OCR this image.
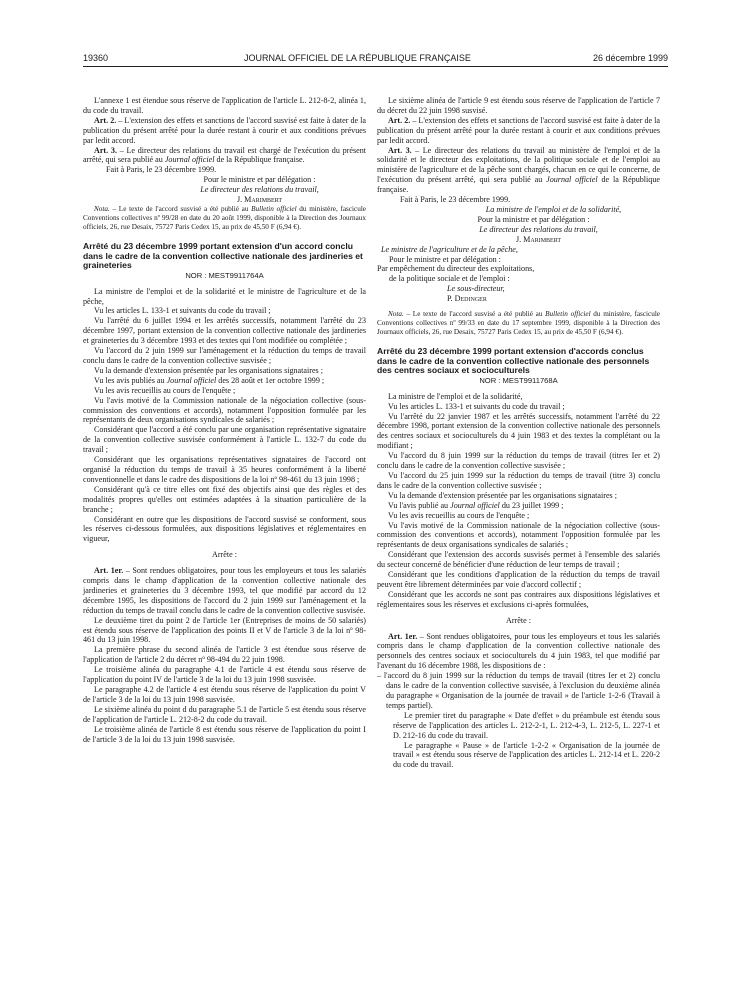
19360	JOURNAL OFFICIEL DE LA RÉPUBLIQUE FRANÇAISE	26 décembre 1999

L'annexe 1 est étendue sous réserve de l'application de l'article L. 212-8-2, alinéa 1, du code du travail.

Art. 2. – L'extension des effets et sanctions de l'accord susvisé est faite à dater de la publication du présent arrêté pour la durée restant à courir et aux conditions prévues par ledit accord.

Art. 3. – Le directeur des relations du travail est chargé de l'exécution du présent arrêté, qui sera publié au Journal officiel de la République française.

Fait à Paris, le 23 décembre 1999.

Pour le ministre et par délégation :

Le directeur des relations du travail,

J. Marimbert

Nota. – Le texte de l'accord susvisé a été publié au Bulletin officiel du ministère, fascicule Conventions collectives nº 99/28 en date du 20 août 1999, disponible à la Direction des Journaux officiels, 26, rue Desaix, 75727 Paris Cedex 15, au prix de 45,50 F (6,94 €).

Arrêté du 23 décembre 1999 portant extension d'un accord conclu dans le cadre de la convention collective nationale des jardineries et graineteries

NOR : MEST9911764A

La ministre de l'emploi et de la solidarité et le ministre de l'agriculture et de la pêche,

Vu les articles L. 133-1 et suivants du code du travail ;

Vu l'arrêté du 6 juillet 1994 et les arrêtés successifs, notamment l'arrêté du 23 décembre 1997, portant extension de la convention collective nationale des jardineries et graineteries du 3 décembre 1993 et des textes qui l'ont modifiée ou complétée ;

Vu l'accord du 2 juin 1999 sur l'aménagement et la réduction du temps de travail conclu dans le cadre de la convention collective susvisée ;

Vu la demande d'extension présentée par les organisations signataires ;

Vu les avis publiés au Journal officiel des 28 août et 1er octobre 1999 ;

Vu les avis recueillis au cours de l'enquête ;

Vu l'avis motivé de la Commission nationale de la négociation collective (sous-commission des conventions et accords), notamment l'opposition formulée par les représentants de deux organisations syndicales de salariés ;

Considérant que l'accord a été conclu par une organisation représentative signataire de la convention collective susvisée conformément à l'article L. 132-7 du code du travail ;

Considérant que les organisations représentatives signataires de l'accord ont organisé la réduction du temps de travail à 35 heures conformément à la liberté conventionnelle et dans le cadre des dispositions de la loi nº 98-461 du 13 juin 1998 ;

Considérant qu'à ce titre elles ont fixé des objectifs ainsi que des règles et des modalités propres qu'elles ont estimées adaptées à la situation particulière de la branche ;

Considérant en outre que les dispositions de l'accord susvisé se conforment, sous les réserves ci-dessous formulées, aux dispositions législatives et réglementaires en vigueur,

Arrête :

Art. 1er. – Sont rendues obligatoires, pour tous les employeurs et tous les salariés compris dans le champ d'application de la convention collective nationale des jardineries et graineteries du 3 décembre 1993, tel que modifié par accord du 12 décembre 1995, les dispositions de l'accord du 2 juin 1999 sur l'aménagement et la réduction du temps de travail conclu dans le cadre de la convention collective susvisée.

Le deuxième tiret du point 2 de l'article 1er (Entreprises de moins de 50 salariés) est étendu sous réserve de l'application des points II et V de l'article 3 de la loi nº 98-461 du 13 juin 1998.

La première phrase du second alinéa de l'article 3 est étendue sous réserve de l'application de l'article 2 du décret nº 98-494 du 22 juin 1998.

Le troisième alinéa du paragraphe 4.1 de l'article 4 est étendu sous réserve de l'application du point IV de l'article 3 de la loi du 13 juin 1998 susvisée.

Le paragraphe 4.2 de l'article 4 est étendu sous réserve de l'application du point V de l'article 3 de la loi du 13 juin 1998 susvisée.

Le sixième alinéa du point d du paragraphe 5.1 de l'article 5 est étendu sous réserve de l'application de l'article L. 212-8-2 du code du travail.

Le troisième alinéa de l'article 8 est étendu sous réserve de l'application du point I de l'article 3 de la loi du 13 juin 1998 susvisée.

Le sixième alinéa de l'article 9 est étendu sous réserve de l'application de l'article 7 du décret du 22 juin 1998 susvisé.

Art. 2. – L'extension des effets et sanctions de l'accord susvisé est faite à dater de la publication du présent arrêté pour la durée restant à courir et aux conditions prévues par ledit accord.

Art. 3. – Le directeur des relations du travail au ministère de l'emploi et de la solidarité et le directeur des exploitations, de la politique sociale et de l'emploi au ministère de l'agriculture et de la pêche sont chargés, chacun en ce qui le concerne, de l'exécution du présent arrêté, qui sera publié au Journal officiel de la République française.

Fait à Paris, le 23 décembre 1999.

La ministre de l'emploi et de la solidarité,

Pour la ministre et par délégation :

Le directeur des relations du travail,

J. Marimbert

Le ministre de l'agriculture et de la pêche,

Pour le ministre et par délégation :

Par empêchement du directeur des exploitations,

de la politique sociale et de l'emploi :

Le sous-directeur,

P. Dedinger

Nota. – Le texte de l'accord susvisé a été publié au Bulletin officiel du ministère, fascicule Conventions collectives nº 99/33 en date du 17 septembre 1999, disponible à la Direction des Journaux officiels, 26, rue Desaix, 75727 Paris Cedex 15, au prix de 45,50 F (6,94 €).

Arrêté du 23 décembre 1999 portant extension d'accords conclus dans le cadre de la convention collective nationale des personnels des centres sociaux et socioculturels

NOR : MEST9911768A

La ministre de l'emploi et de la solidarité,

Vu les articles L. 133-1 et suivants du code du travail ;

Vu l'arrêté du 22 janvier 1987 et les arrêtés successifs, notamment l'arrêté du 22 décembre 1998, portant extension de la convention collective nationale des personnels des centres sociaux et socioculturels du 4 juin 1983 et des textes la complétant ou la modifiant ;

Vu l'accord du 8 juin 1999 sur la réduction du temps de travail (titres Ier et 2) conclu dans le cadre de la convention collective susvisée ;

Vu l'accord du 25 juin 1999 sur la réduction du temps de travail (titre 3) conclu dans le cadre de la convention collective susvisée ;

Vu la demande d'extension présentée par les organisations signataires ;

Vu l'avis publié au Journal officiel du 23 juillet 1999 ;

Vu les avis recueillis au cours de l'enquête ;

Vu l'avis motivé de la Commission nationale de la négociation collective (sous-commission des conventions et accords), notamment l'opposition formulée par les représentants de deux organisations syndicales de salariés ;

Considérant que l'extension des accords susvisés permet à l'ensemble des salariés du secteur concerné de bénéficier d'une réduction de leur temps de travail ;

Considérant que les conditions d'application de la réduction du temps de travail peuvent être librement déterminées par voie d'accord collectif ;

Considérant que les accords ne sont pas contraires aux dispositions législatives et réglementaires sous les réserves et exclusions ci-après formulées,

Arrête :

Art. 1er. – Sont rendues obligatoires, pour tous les employeurs et tous les salariés compris dans le champ d'application de la convention collective nationale des personnels des centres sociaux et socioculturels du 4 juin 1983, tel que modifié par l'avenant du 16 décembre 1988, les dispositions de :

– l'accord du 8 juin 1999 sur la réduction du temps de travail (titres Ier et 2) conclu dans le cadre de la convention collective susvisée, à l'exclusion du deuxième alinéa du paragraphe « Organisation de la journée de travail » de l'article 1-2-6 (Travail à temps partiel).

Le premier tiret du paragraphe « Date d'effet » du préambule est étendu sous réserve de l'application des articles L. 212-2-1, L. 212-4-3, L. 212-5, L. 227-1 et D. 212-16 du code du travail.

Le paragraphe « Pause » de l'article 1-2-2 « Organisation de la journée de travail » est étendu sous réserve de l'application des articles L. 212-14 et L. 220-2 du code du travail.
